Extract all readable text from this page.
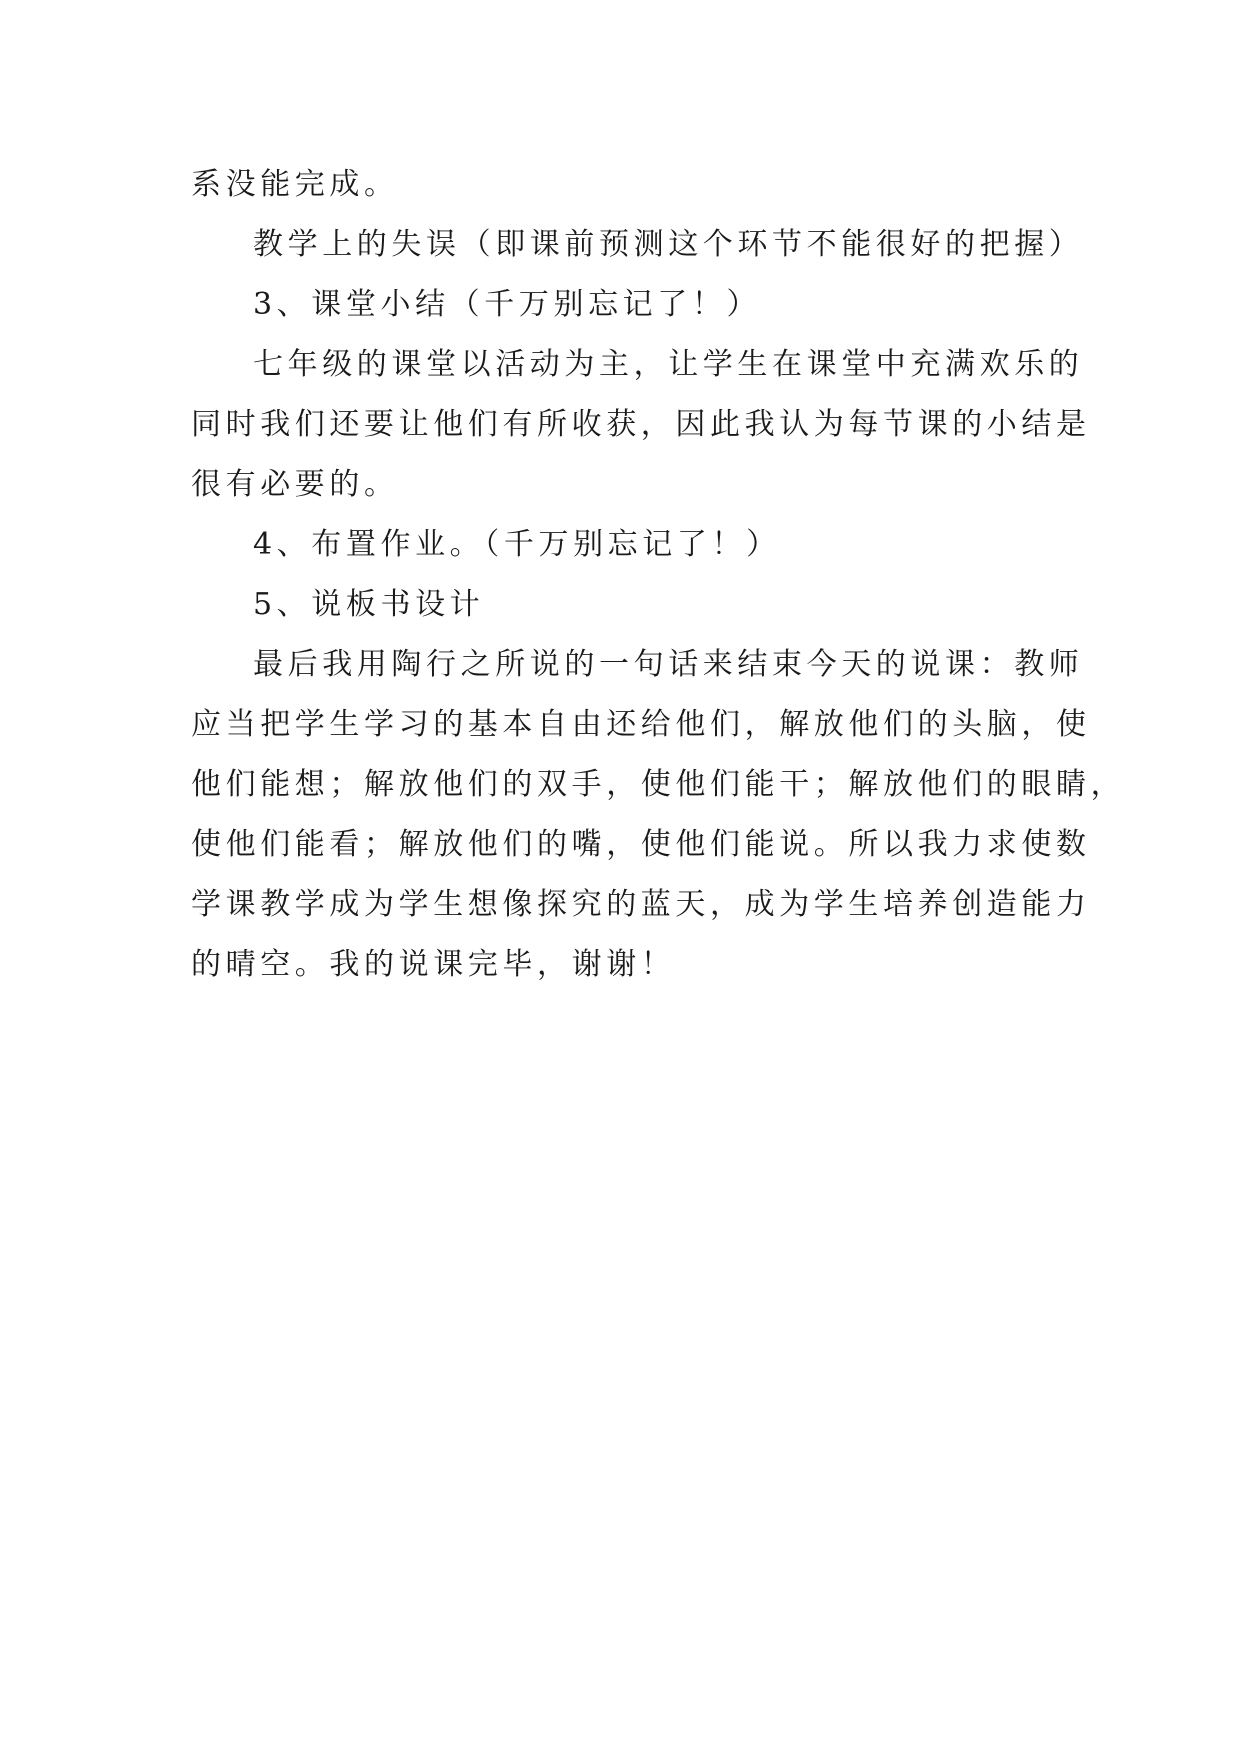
系没能完成。
教学上的失误（即课前预测这个环节不能很好的把握）
3、课堂小结（千万别忘记了！）
七年级的课堂以活动为主，让学生在课堂中充满欢乐的
同时我们还要让他们有所收获，因此我认为每节课的小结是
很有必要的。
4、布置作业。（千万别忘记了！）
5、说板书设计
最后我用陶行之所说的一句话来结束今天的说课：教师
应当把学生学习的基本自由还给他们，解放他们的头脑，使
他们能想；解放他们的双手，使他们能干；解放他们的眼睛，
使他们能看；解放他们的嘴，使他们能说。所以我力求使数
学课教学成为学生想像探究的蓝天，成为学生培养创造能力
的晴空。我的说课完毕，谢谢！
